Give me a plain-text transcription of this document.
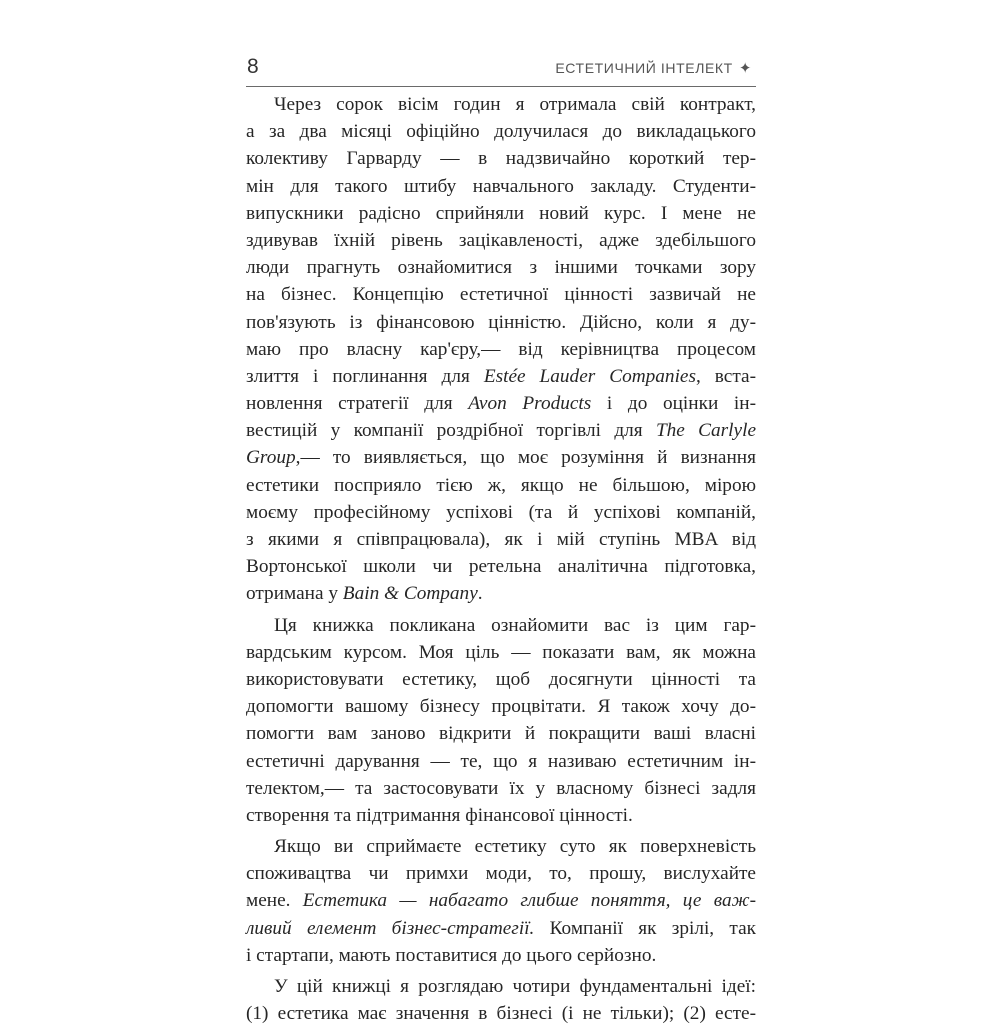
8	ЕСТЕТИЧНИЙ ІНТЕЛЕКТ ✦
Через сорок вісім годин я отримала свій контракт,
а за два місяці офіційно долучилася до викладацького
колективу Гарварду — в надзвичайно короткий тер-
мін для такого штибу навчального закладу. Студенти-
випускники радісно сприйняли новий курс. І мене не
здивував їхній рівень зацікавленості, адже здебільшого
люди прагнуть ознайомитися з іншими точками зору
на бізнес. Концепцію естетичної цінності зазвичай не
пов'язують із фінансовою цінністю. Дійсно, коли я ду-
маю про власну кар'єру,— від керівництва процесом
злиття і поглинання для Estée Lauder Companies, вста-
новлення стратегії для Avon Products і до оцінки ін-
вестицій у компанії роздрібної торгівлі для The Carlyle
Group,— то виявляється, що моє розуміння й визнання
естетики посприяло тією ж, якщо не більшою, мірою
моєму професійному успіхові (та й успіхові компаній,
з якими я співпрацювала), як і мій ступінь MBA від
Вортонської школи чи ретельна аналітична підготовка,
отримана у Bain & Company.
Ця книжка покликана ознайомити вас із цим гар-
вардським курсом. Моя ціль — показати вам, як можна
використовувати естетику, щоб досягнути цінності та
допомогти вашому бізнесу процвітати. Я також хочу до-
помогти вам заново відкрити й покращити ваші власні
естетичні дарування — те, що я називаю естетичним ін-
телектом,— та застосовувати їх у власному бізнесі задля
створення та підтримання фінансової цінності.
Якщо ви сприймаєте естетику суто як поверхневість
споживацтва чи примхи моди, то, прошу, вислухайте
мене. Естетика — набагато глибше поняття, це важ-
ливий елемент бізнес-стратегії. Компанії як зрілі, так
і стартапи, мають поставитися до цього серйозно.
У цій книжці я розглядаю чотири фундаментальні ідеї:
(1) естетика має значення в бізнесі (і не тільки); (2) есте-
